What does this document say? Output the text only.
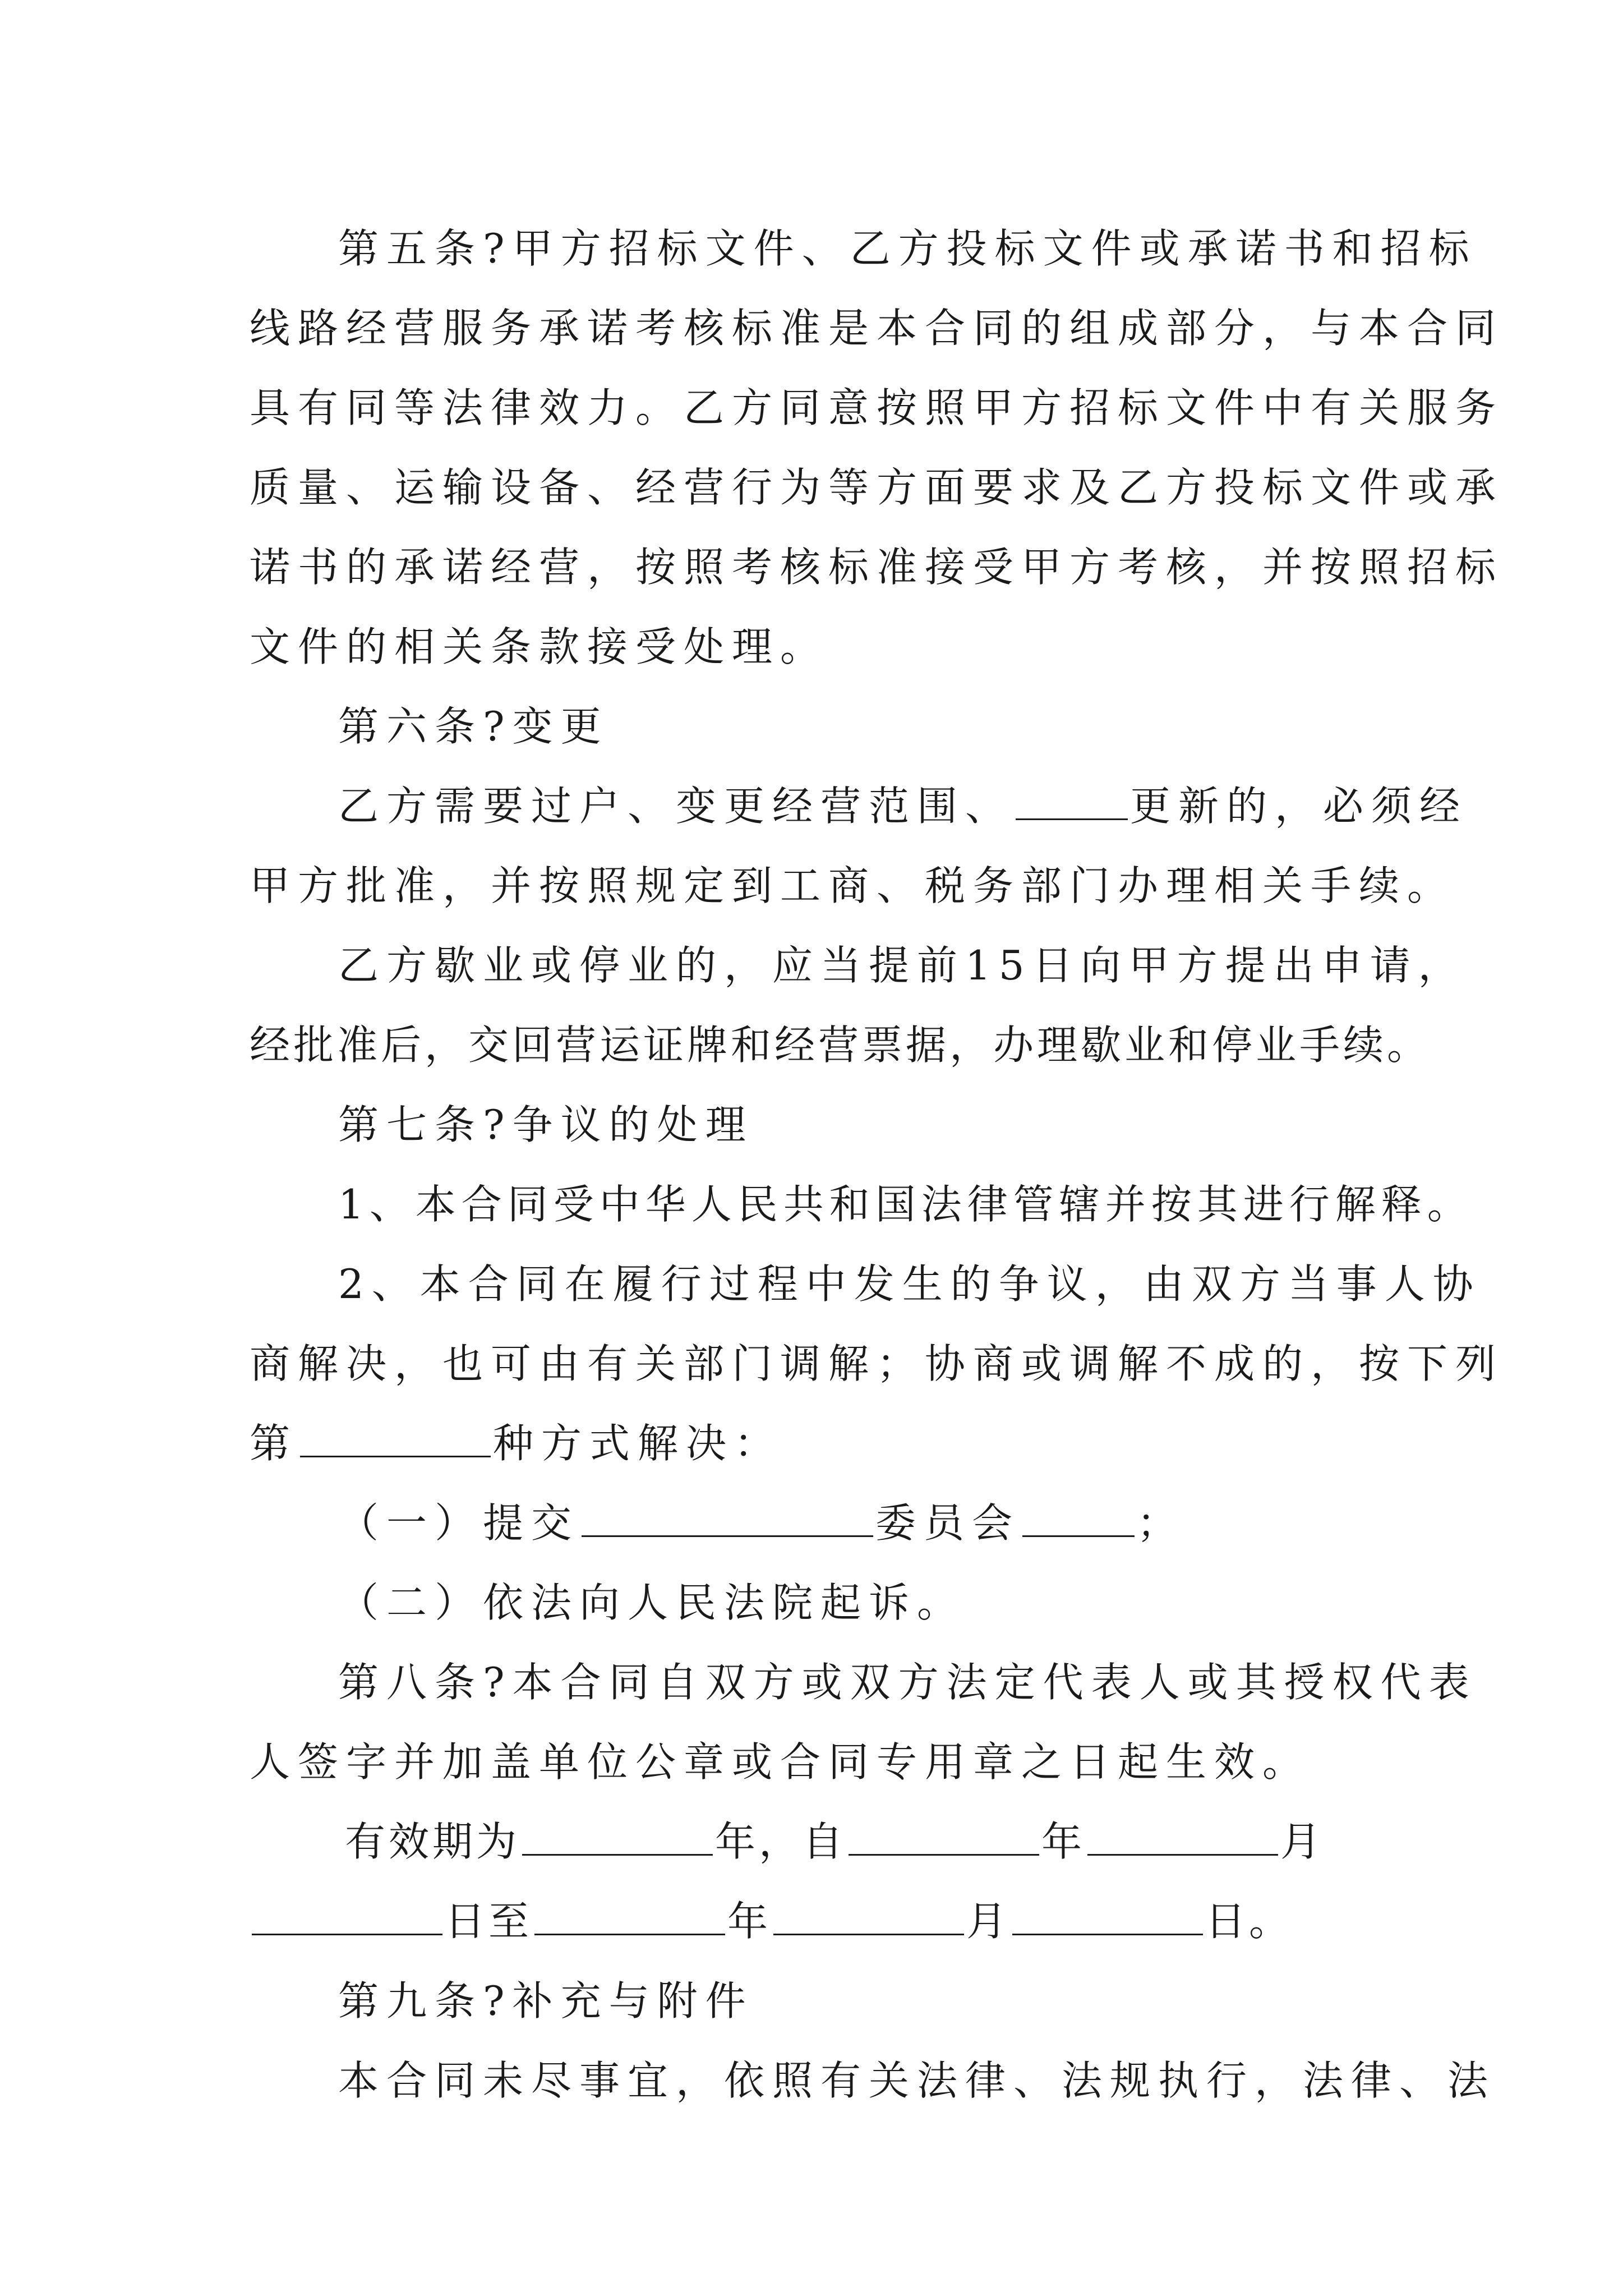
第五条?甲方招标文件、乙方投标文件或承诺书和招标
线路经营服务承诺考核标准是本合同的组成部分，与本合同
具有同等法律效力。乙方同意按照甲方招标文件中有关服务
质量、运输设备、经营行为等方面要求及乙方投标文件或承
诺书的承诺经营，按照考核标准接受甲方考核，并按照招标
文件的相关条款接受处理。
第六条?变更
乙方需要过户、变更经营范围、	更新的，必须经
甲方批准，并按照规定到工商、税务部门办理相关手续。
乙方歇业或停业的，应当提前15日向甲方提出申请，
经批准后，交回营运证牌和经营票据，办理歇业和停业手续。
第七条?争议的处理
1、本合同受中华人民共和国法律管辖并按其进行解释。
2、本合同在履行过程中发生的争议，由双方当事人协
商解决，也可由有关部门调解；协商或调解不成的，按下列
第	种方式解决：
（一）提交	委员会	；
（二）依法向人民法院起诉。
第八条?本合同自双方或双方法定代表人或其授权代表
人签字并加盖单位公章或合同专用章之日起生效。
有效期为	年，自	年	月
日至	年	月	日。
第九条?补充与附件
本合同未尽事宜，依照有关法律、法规执行，法律、法
